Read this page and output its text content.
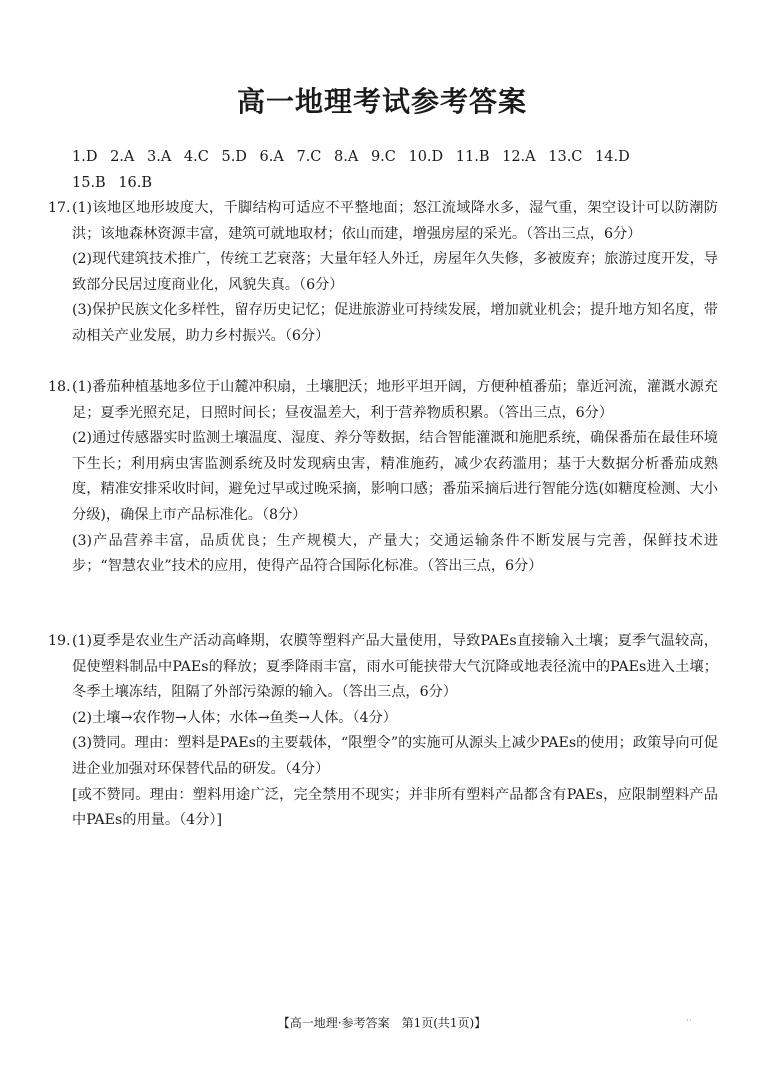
高一地理考试参考答案
1.D 2.A 3.A 4.C 5.D 6.A 7.C 8.A 9.C 10.D 11.B 12.A 13.C 14.D
15.B 16.B
17. (1)该地区地形坡度大，千脚结构可适应不平整地面；怒江流域降水多，湿气重，架空设计可以防潮防洪；该地森林资源丰富，建筑可就地取材；依山而建，增强房屋的采光。（答出三点，6分）

(2)现代建筑技术推广，传统工艺衰落；大量年轻人外迁，房屋年久失修，多被废弃；旅游过度开发，导致部分民居过度商业化，风貌失真。（6分）

(3)保护民族文化多样性，留存历史记忆；促进旅游业可持续发展，增加就业机会；提升地方知名度，带动相关产业发展，助力乡村振兴。（6分）

18. (1)番茄种植基地多位于山麓冲积扇，土壤肥沃；地形平坦开阔，方便种植番茄；靠近河流，灌溉水源充足；夏季光照充足，日照时间长；昼夜温差大，利于营养物质积累。（答出三点，6分）

(2)通过传感器实时监测土壤温度、湿度、养分等数据，结合智能灌溉和施肥系统，确保番茄在最佳环境下生长；利用病虫害监测系统及时发现病虫害，精准施药，减少农药滥用；基于大数据分析番茄成熟度，精准安排采收时间，避免过早或过晚采摘，影响口感；番茄采摘后进行智能分选(如糖度检测、大小分级)，确保上市产品标准化。（8分）

(3)产品营养丰富，品质优良；生产规模大，产量大；交通运输条件不断发展与完善，保鲜技术进步；“智慧农业”技术的应用，使得产品符合国际化标准。（答出三点，6分）

19. (1)夏季是农业生产活动高峰期，农膜等塑料产品大量使用，导致PAEs直接输入土壤；夏季气温较高，促使塑料制品中PAEs的释放；夏季降雨丰富，雨水可能挟带大气沉降或地表径流中的PAEs进入土壤；冬季土壤冻结，阻隔了外部污染源的输入。（答出三点，6分）

(2)土壤→农作物→人体；水体→鱼类→人体。（4分）

(3)赞同。理由：塑料是PAEs的主要载体，“限塑令”的实施可从源头上减少PAEs的使用；政策导向可促进企业加强对环保替代品的研发。（4分）

[或不赞同。理由：塑料用途广泛，完全禁用不现实；并非所有塑料产品都含有PAEs，应限制塑料产品中PAEs的用量。（4分）]

【高一地理·参考答案　第1页(共1页)】	··
